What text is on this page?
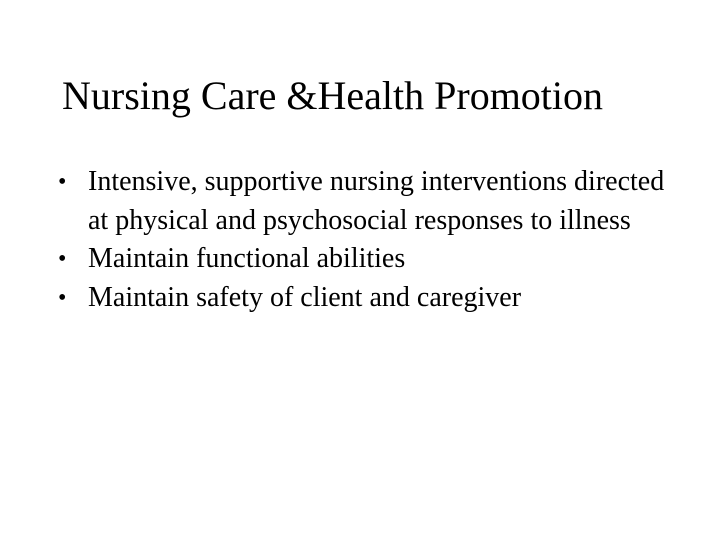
Nursing Care &Health Promotion
• Intensive, supportive nursing interventions directed at physical and psychosocial responses to illness
• Maintain functional abilities
• Maintain safety of client and caregiver
